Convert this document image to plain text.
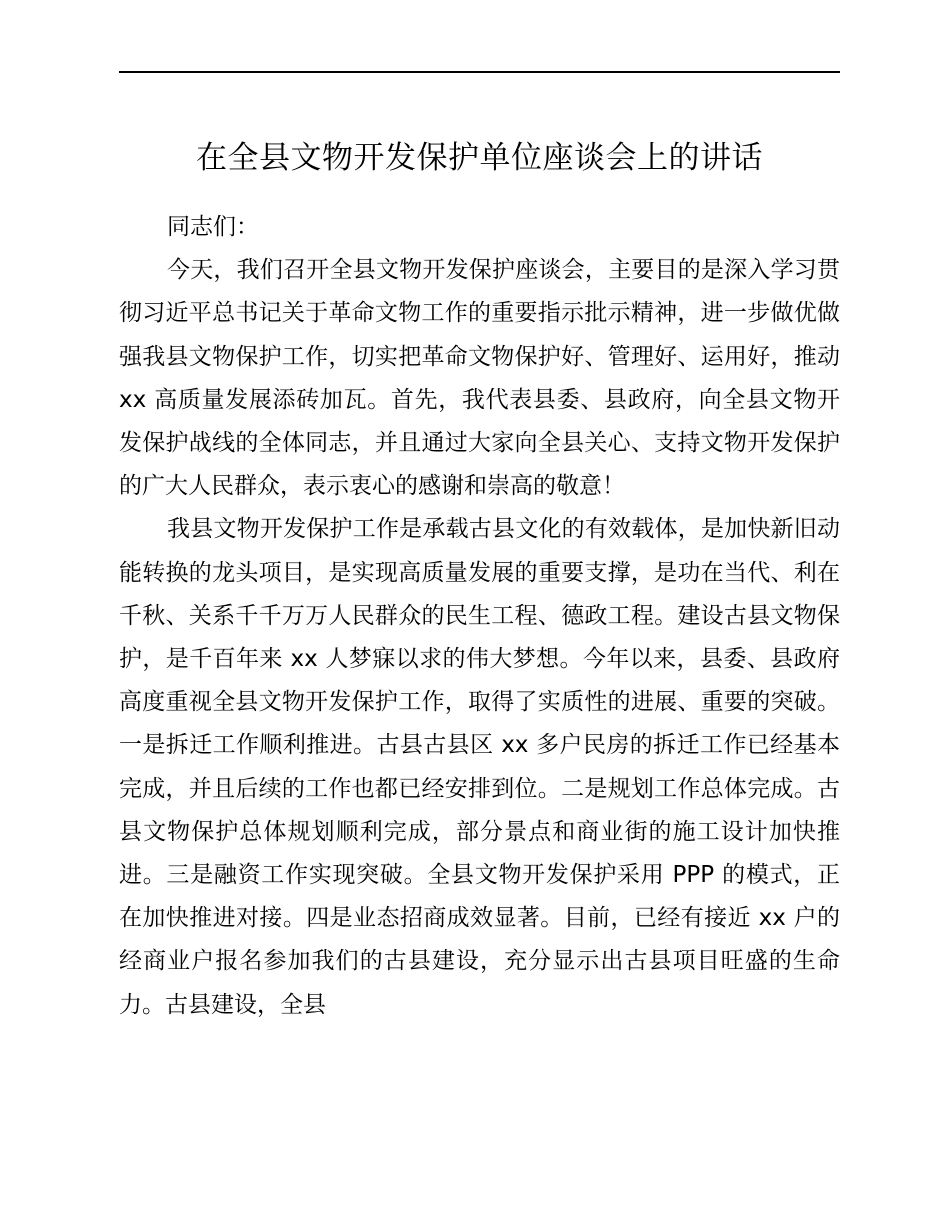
在全县文物开发保护单位座谈会上的讲话

同志们：

今天，我们召开全县文物开发保护座谈会，主要目的是深入学习贯彻习近平总书记关于革命文物工作的重要指示批示精神，进一步做优做强我县文物保护工作，切实把革命文物保护好、管理好、运用好，推动 xx 高质量发展添砖加瓦。首先，我代表县委、县政府，向全县文物开发保护战线的全体同志，并且通过大家向全县关心、支持文物开发保护的广大人民群众，表示衷心的感谢和崇高的敬意！

我县文物开发保护工作是承载古县文化的有效载体，是加快新旧动能转换的龙头项目，是实现高质量发展的重要支撑，是功在当代、利在千秋、关系千千万万人民群众的民生工程、德政工程。建设古县文物保护，是千百年来 xx 人梦寐以求的伟大梦想。今年以来，县委、县政府高度重视全县文物开发保护工作，取得了实质性的进展、重要的突破。一是拆迁工作顺利推进。古县古县区 xx 多户民房的拆迁工作已经基本完成，并且后续的工作也都已经安排到位。二是规划工作总体完成。古县文物保护总体规划顺利完成，部分景点和商业街的施工设计加快推进。三是融资工作实现突破。全县文物开发保护采用 PPP 的模式，正在加快推进对接。四是业态招商成效显著。目前，已经有接近 xx 户的经商业户报名参加我们的古县建设，充分显示出古县项目旺盛的生命力。古县建设，全县
